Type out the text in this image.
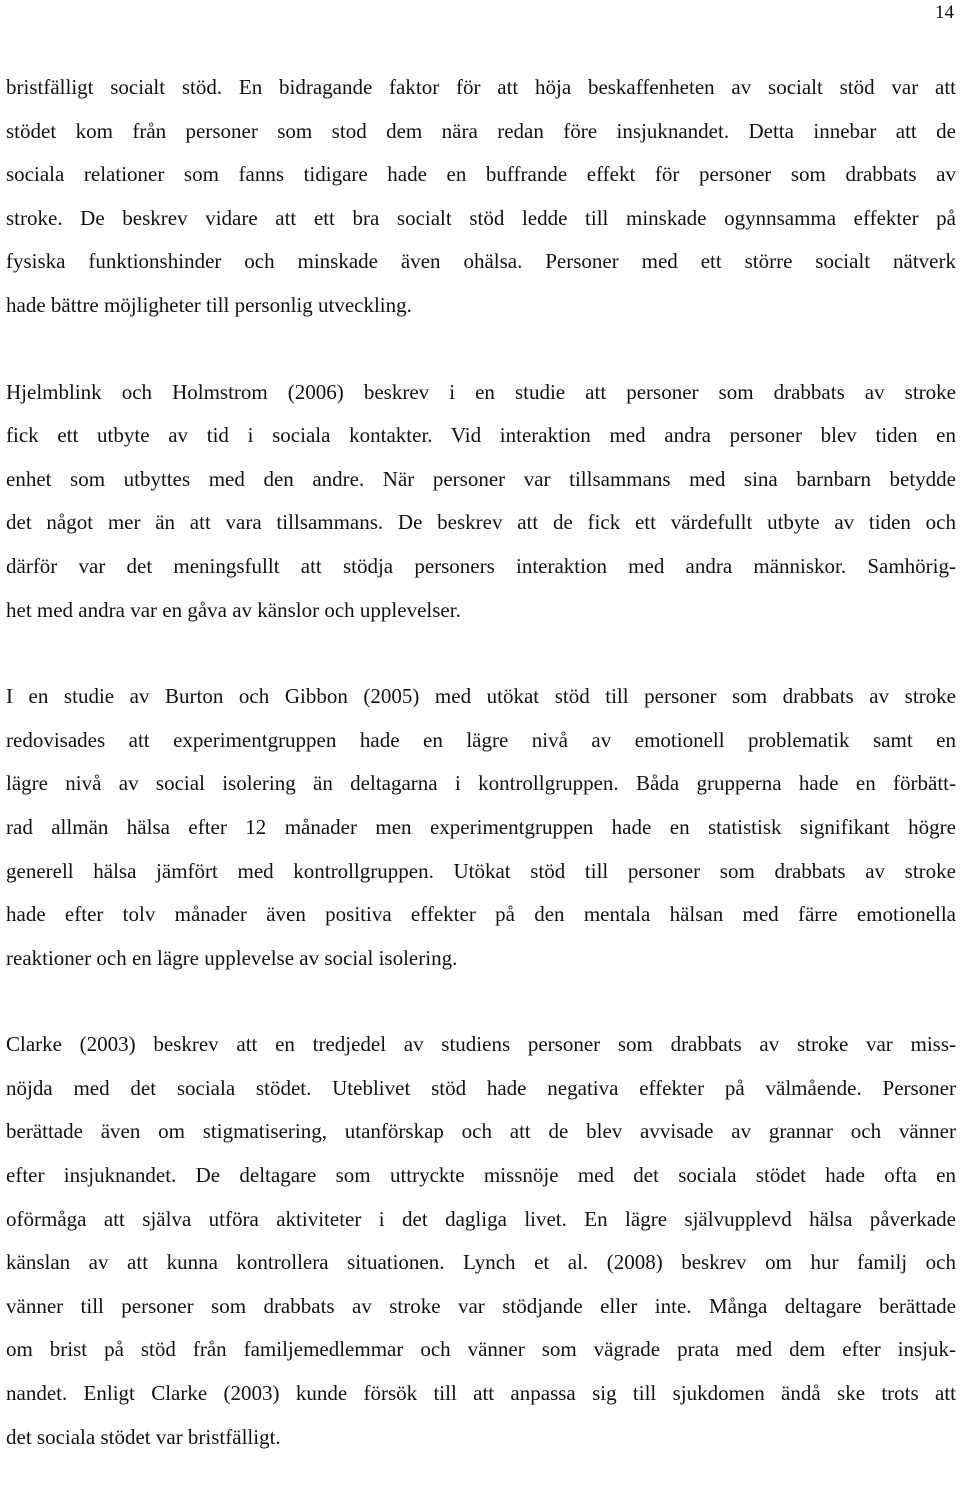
14
bristfälligt socialt stöd. En bidragande faktor för att höja beskaffenheten av socialt stöd var att
stödet kom från personer som stod dem nära redan före insjuknandet. Detta innebar att de
sociala relationer som fanns tidigare hade en buffrande effekt för personer som drabbats av
stroke. De beskrev vidare att ett bra socialt stöd ledde till minskade ogynnsamma effekter på
fysiska funktionshinder och minskade även ohälsa. Personer med ett större socialt nätverk
hade bättre möjligheter till personlig utveckling.
Hjelmblink och Holmstrom (2006) beskrev i en studie att personer som drabbats av stroke
fick ett utbyte av tid i sociala kontakter. Vid interaktion med andra personer blev tiden en
enhet som utbyttes med den andre. När personer var tillsammans med sina barnbarn betydde
det något mer än att vara tillsammans. De beskrev att de fick ett värdefullt utbyte av tiden och
därför var det meningsfullt att stödja personers interaktion med andra människor. Samhörig-
het med andra var en gåva av känslor och upplevelser.
I en studie av Burton och Gibbon (2005) med utökat stöd till personer som drabbats av stroke
redovisades att experimentgruppen hade en lägre nivå av emotionell problematik samt en
lägre nivå av social isolering än deltagarna i kontrollgruppen. Båda grupperna hade en förbätt-
rad allmän hälsa efter 12 månader men experimentgruppen hade en statistisk signifikant högre
generell hälsa jämfört med kontrollgruppen. Utökat stöd till personer som drabbats av stroke
hade efter tolv månader även positiva effekter på den mentala hälsan med färre emotionella
reaktioner och en lägre upplevelse av social isolering.
Clarke (2003) beskrev att en tredjedel av studiens personer som drabbats av stroke var miss-
nöjda med det sociala stödet. Uteblivet stöd hade negativa effekter på välmående. Personer
berättade även om stigmatisering, utanförskap och att de blev avvisade av grannar och vänner
efter insjuknandet. De deltagare som uttryckte missnöje med det sociala stödet hade ofta en
oförmåga att själva utföra aktiviteter i det dagliga livet. En lägre självupplevd hälsa påverkade
känslan av att kunna kontrollera situationen. Lynch et al. (2008) beskrev om hur familj och
vänner till personer som drabbats av stroke var stödjande eller inte. Många deltagare berättade
om brist på stöd från familjemedlemmar och vänner som vägrade prata med dem efter insjuk-
nandet. Enligt Clarke (2003) kunde försök till att anpassa sig till sjukdomen ändå ske trots att
det sociala stödet var bristfälligt.
